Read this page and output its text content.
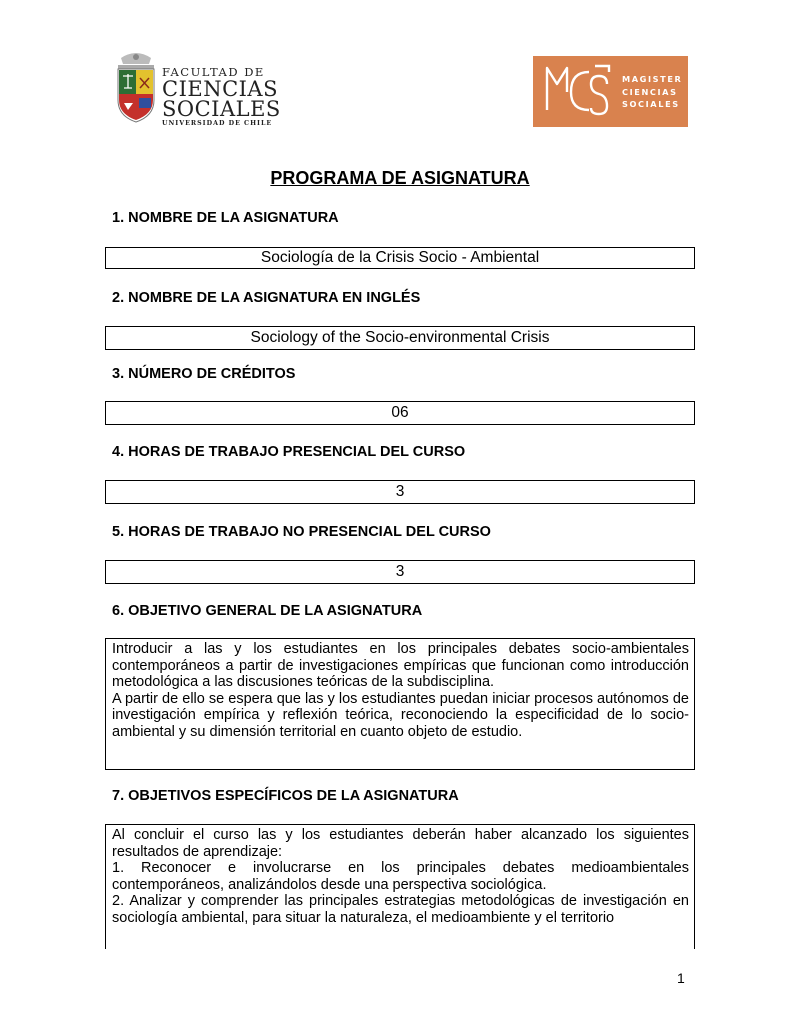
FACULTAD DE
CIENCIAS
SOCIALES
UNIVERSIDAD DE CHILE
MAGISTER
CIENCIAS
SOCIALES
PROGRAMA DE ASIGNATURA
1. NOMBRE DE LA ASIGNATURA
Sociología de la Crisis Socio - Ambiental
2. NOMBRE DE LA ASIGNATURA EN INGLÉS
Sociology of the Socio-environmental Crisis
3. NÚMERO DE CRÉDITOS
06
4. HORAS DE TRABAJO PRESENCIAL DEL CURSO
3
5. HORAS DE TRABAJO NO PRESENCIAL DEL CURSO
3
6. OBJETIVO GENERAL DE LA ASIGNATURA

Introducir a las y los estudiantes en los principales debates socio-ambientales contemporáneos a partir de investigaciones empíricas que funcionan como introducción metodológica a las discusiones teóricas de la subdisciplina.

A partir de ello se espera que las y los estudiantes puedan iniciar procesos autónomos de investigación empírica y reflexión teórica, reconociendo la especificidad de lo socio-ambiental y su dimensión territorial en cuanto objeto de estudio.

7. OBJETIVOS ESPECÍFICOS DE LA ASIGNATURA

Al concluir el curso las y los estudiantes deberán haber alcanzado los siguientes resultados de aprendizaje:

1. Reconocer e involucrarse en los principales debates medioambientales contemporáneos, analizándolos desde una perspectiva sociológica.

2. Analizar y comprender las principales estrategias metodológicas de investigación en sociología ambiental, para situar la naturaleza, el medioambiente y el territorio

1
